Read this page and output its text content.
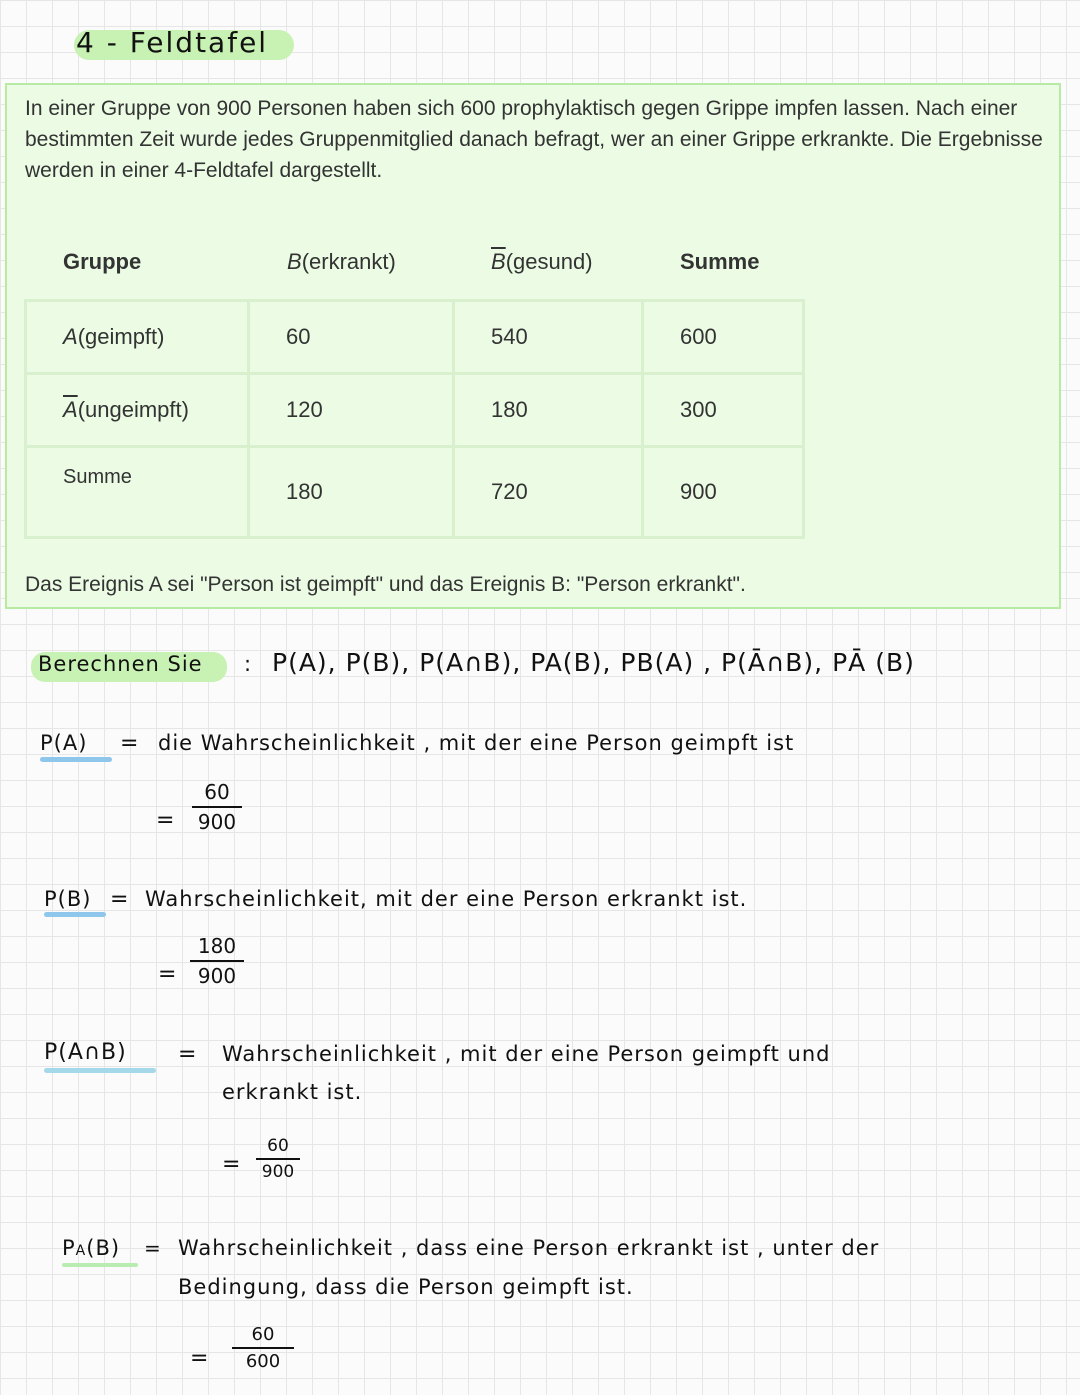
4 - Feldtafel
In einer Gruppe von 900 Personen haben sich 600 prophylaktisch gegen Grippe impfen lassen. Nach einer bestimmten Zeit wurde jedes Gruppenmitglied danach befragt, wer an einer Grippe erkrankte. Die Ergebnisse werden in einer 4-Feldtafel dargestellt.
Gruppe	B(erkrankt)	$\overline{B}(gesund)$	Summe
A(geimpft)	60	540	600
$\overline{A}(ungeimpft)$	120	180	300
Summe	180	720	900
Das Ereignis A sei "Person ist geimpft" und das Ereignis B: "Person erkrankt".
Berechnen Sie : P(A), P(B), P(A∩B), PA(B), PB(A) , P(Ā∩B), PĀ (B)
P(A) = die Wahrscheinlichkeit , mit der eine Person geimpft ist
=
60
900
P(B) = Wahrscheinlichkeit, mit der eine Person erkrankt ist.
=
180
900
P(A∩B) = Wahrscheinlichkeit , mit der eine Person geimpft und
erkrankt ist.
=
60
900
PA(B) = Wahrscheinlichkeit , dass eine Person erkrankt ist , unter der
Bedingung, dass die Person geimpft ist.
=
60
600
